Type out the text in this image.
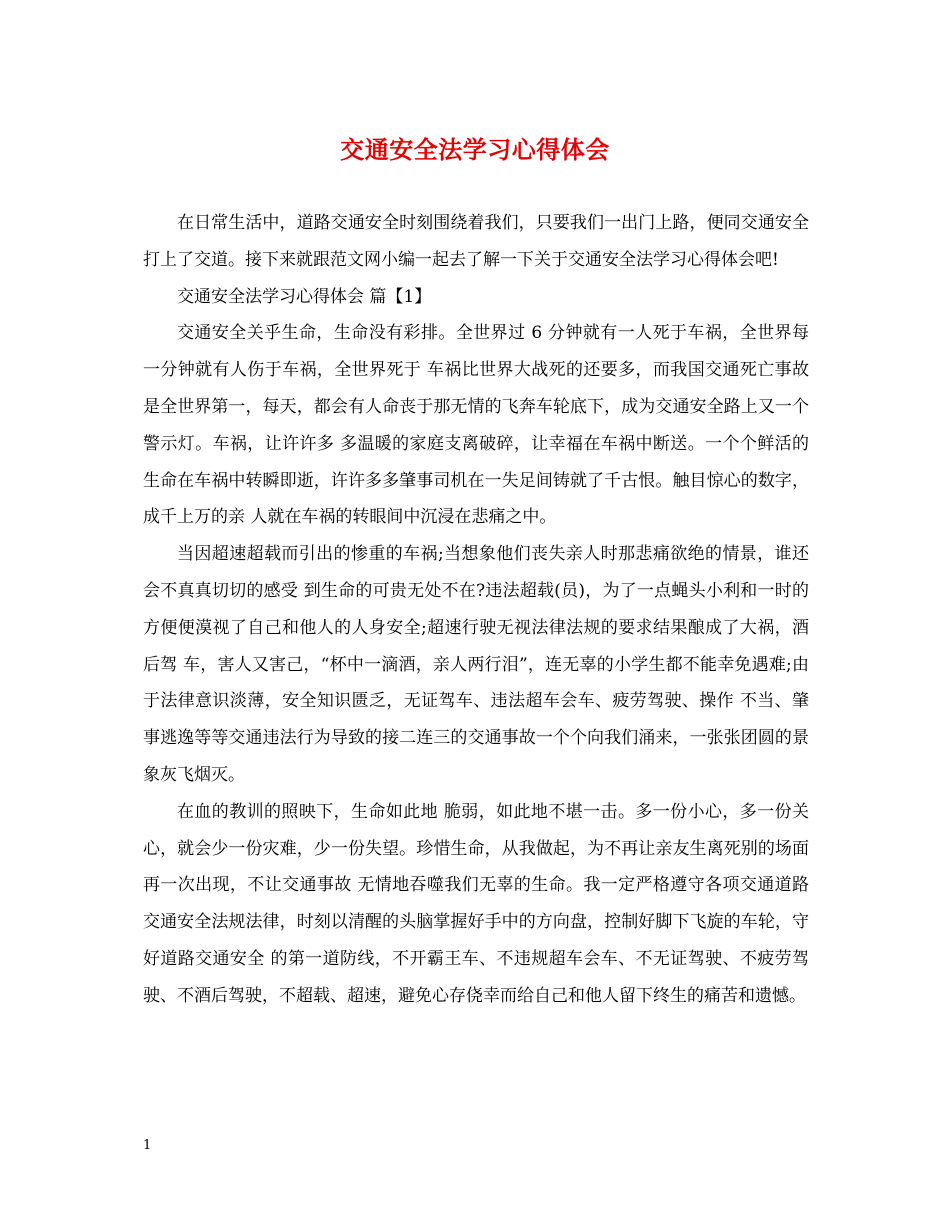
交通安全法学习心得体会

在日常生活中，道路交通安全时刻围绕着我们，只要我们一出门上路，便同交通安全打上了交道。接下来就跟范文网小编一起去了解一下关于交通安全法学习心得体会吧!

交通安全法学习心得体会 篇【1】

交通安全关乎生命，生命没有彩排。全世界过 6 分钟就有一人死于车祸，全世界每一分钟就有人伤于车祸，全世界死于 车祸比世界大战死的还要多，而我国交通死亡事故是全世界第一，每天，都会有人命丧于那无情的飞奔车轮底下，成为交通安全路上又一个警示灯。车祸，让许许多 多温暖的家庭支离破碎，让幸福在车祸中断送。一个个鲜活的生命在车祸中转瞬即逝，许许多多肇事司机在一失足间铸就了千古恨。触目惊心的数字，成千上万的亲 人就在车祸的转眼间中沉浸在悲痛之中。

当因超速超载而引出的惨重的车祸;当想象他们丧失亲人时那悲痛欲绝的情景，谁还会不真真切切的感受 到生命的可贵无处不在?违法超载(员)，为了一点蝇头小利和一时的方便便漠视了自己和他人的人身安全;超速行驶无视法律法规的要求结果酿成了大祸，酒后驾 车，害人又害己，“杯中一滴酒，亲人两行泪”，连无辜的小学生都不能幸免遇难;由于法律意识淡薄，安全知识匮乏，无证驾车、违法超车会车、疲劳驾驶、操作 不当、肇事逃逸等等交通违法行为导致的接二连三的交通事故一个个向我们涌来，一张张团圆的景象灰飞烟灭。

在血的教训的照映下，生命如此地 脆弱，如此地不堪一击。多一份小心，多一份关心，就会少一份灾难，少一份失望。珍惜生命，从我做起，为不再让亲友生离死别的场面再一次出现，不让交通事故 无情地吞噬我们无辜的生命。我一定严格遵守各项交通道路交通安全法规法律，时刻以清醒的头脑掌握好手中的方向盘，控制好脚下飞旋的车轮，守好道路交通安全 的第一道防线，不开霸王车、不违规超车会车、不无证驾驶、不疲劳驾驶、不酒后驾驶，不超载、超速，避免心存侥幸而给自己和他人留下终生的痛苦和遗憾。

1
